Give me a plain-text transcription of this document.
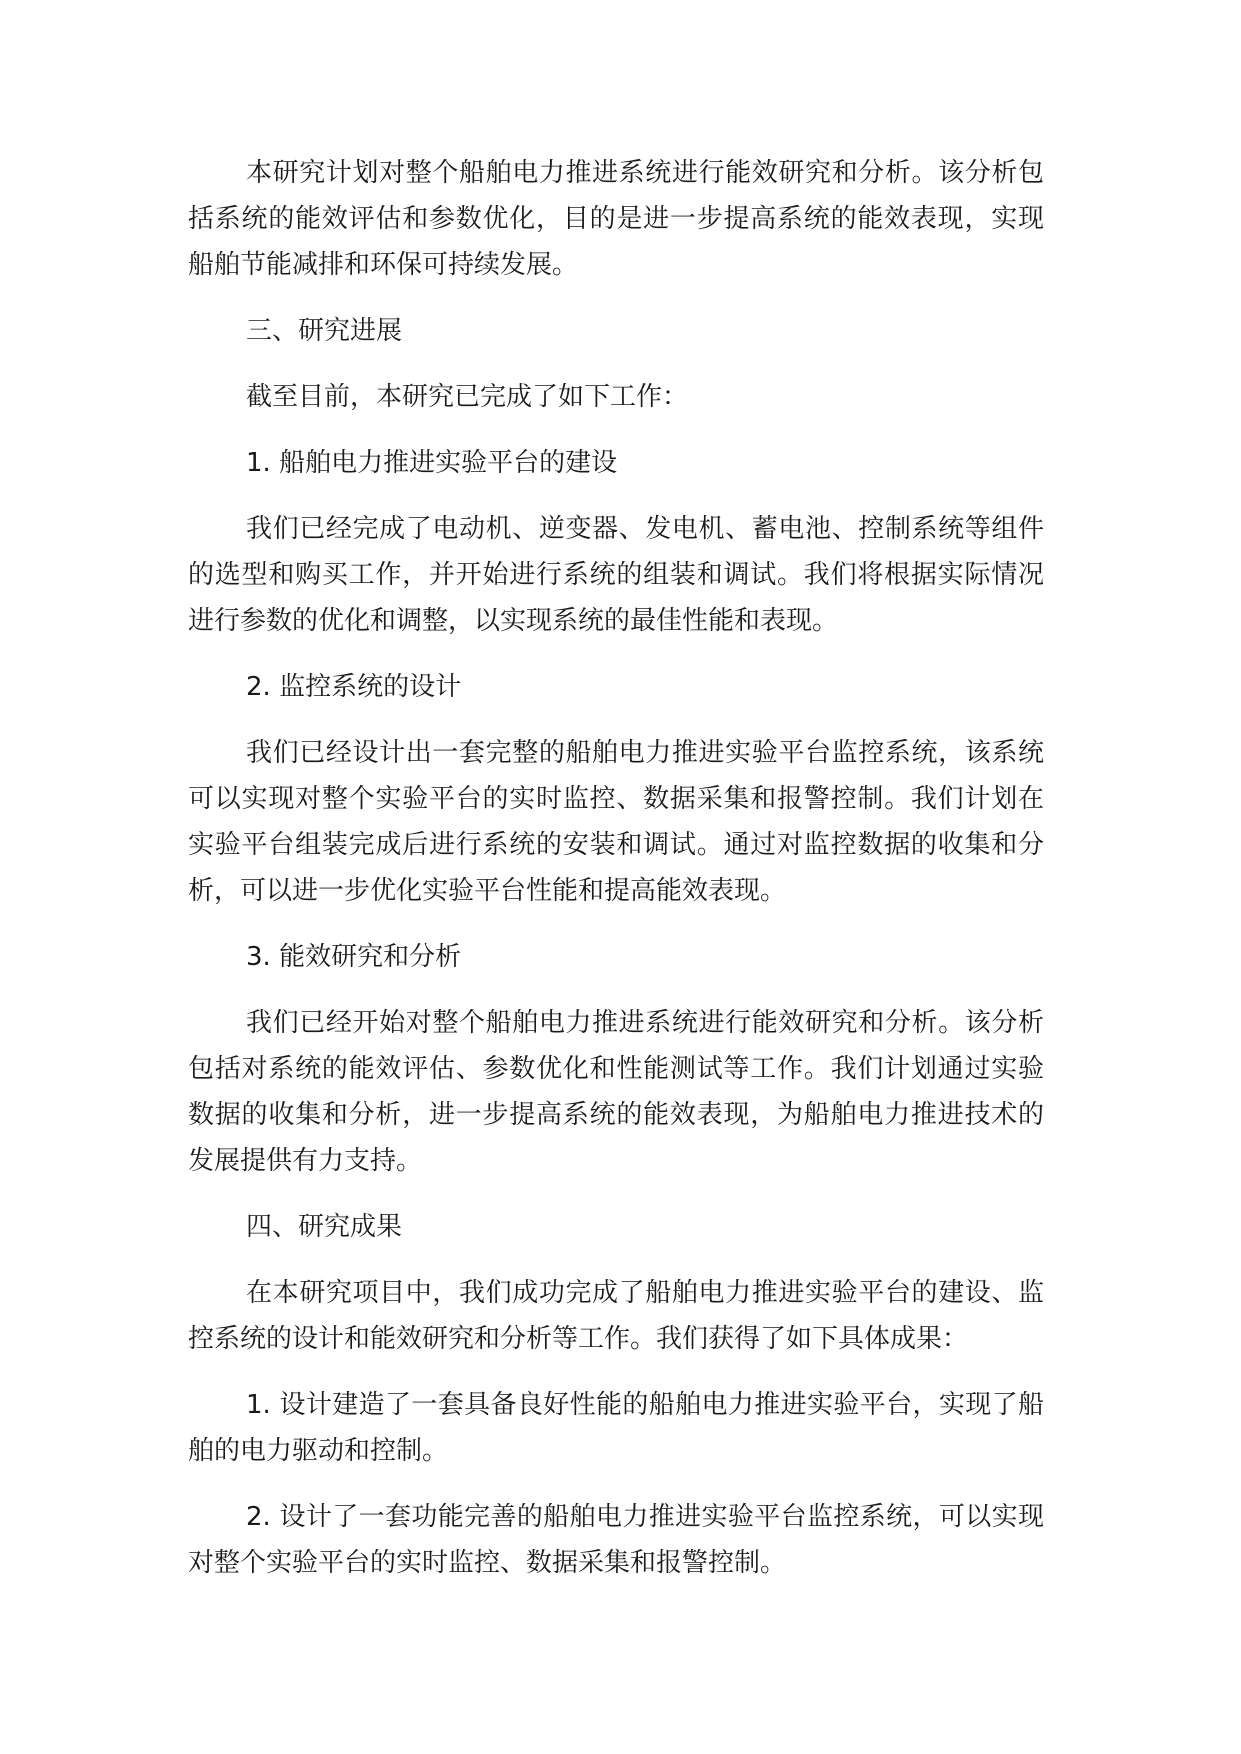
本研究计划对整个船舶电力推进系统进行能效研究和分析。该分析包括系统的能效评估和参数优化，目的是进一步提高系统的能效表现，实现船舶节能减排和环保可持续发展。

三、研究进展

截至目前，本研究已完成了如下工作：

1. 船舶电力推进实验平台的建设

我们已经完成了电动机、逆变器、发电机、蓄电池、控制系统等组件的选型和购买工作，并开始进行系统的组装和调试。我们将根据实际情况进行参数的优化和调整，以实现系统的最佳性能和表现。

2. 监控系统的设计

我们已经设计出一套完整的船舶电力推进实验平台监控系统，该系统可以实现对整个实验平台的实时监控、数据采集和报警控制。我们计划在实验平台组装完成后进行系统的安装和调试。通过对监控数据的收集和分析，可以进一步优化实验平台性能和提高能效表现。

3. 能效研究和分析

我们已经开始对整个船舶电力推进系统进行能效研究和分析。该分析包括对系统的能效评估、参数优化和性能测试等工作。我们计划通过实验数据的收集和分析，进一步提高系统的能效表现，为船舶电力推进技术的发展提供有力支持。

四、研究成果

在本研究项目中，我们成功完成了船舶电力推进实验平台的建设、监控系统的设计和能效研究和分析等工作。我们获得了如下具体成果：

1. 设计建造了一套具备良好性能的船舶电力推进实验平台，实现了船舶的电力驱动和控制。

2. 设计了一套功能完善的船舶电力推进实验平台监控系统，可以实现对整个实验平台的实时监控、数据采集和报警控制。
